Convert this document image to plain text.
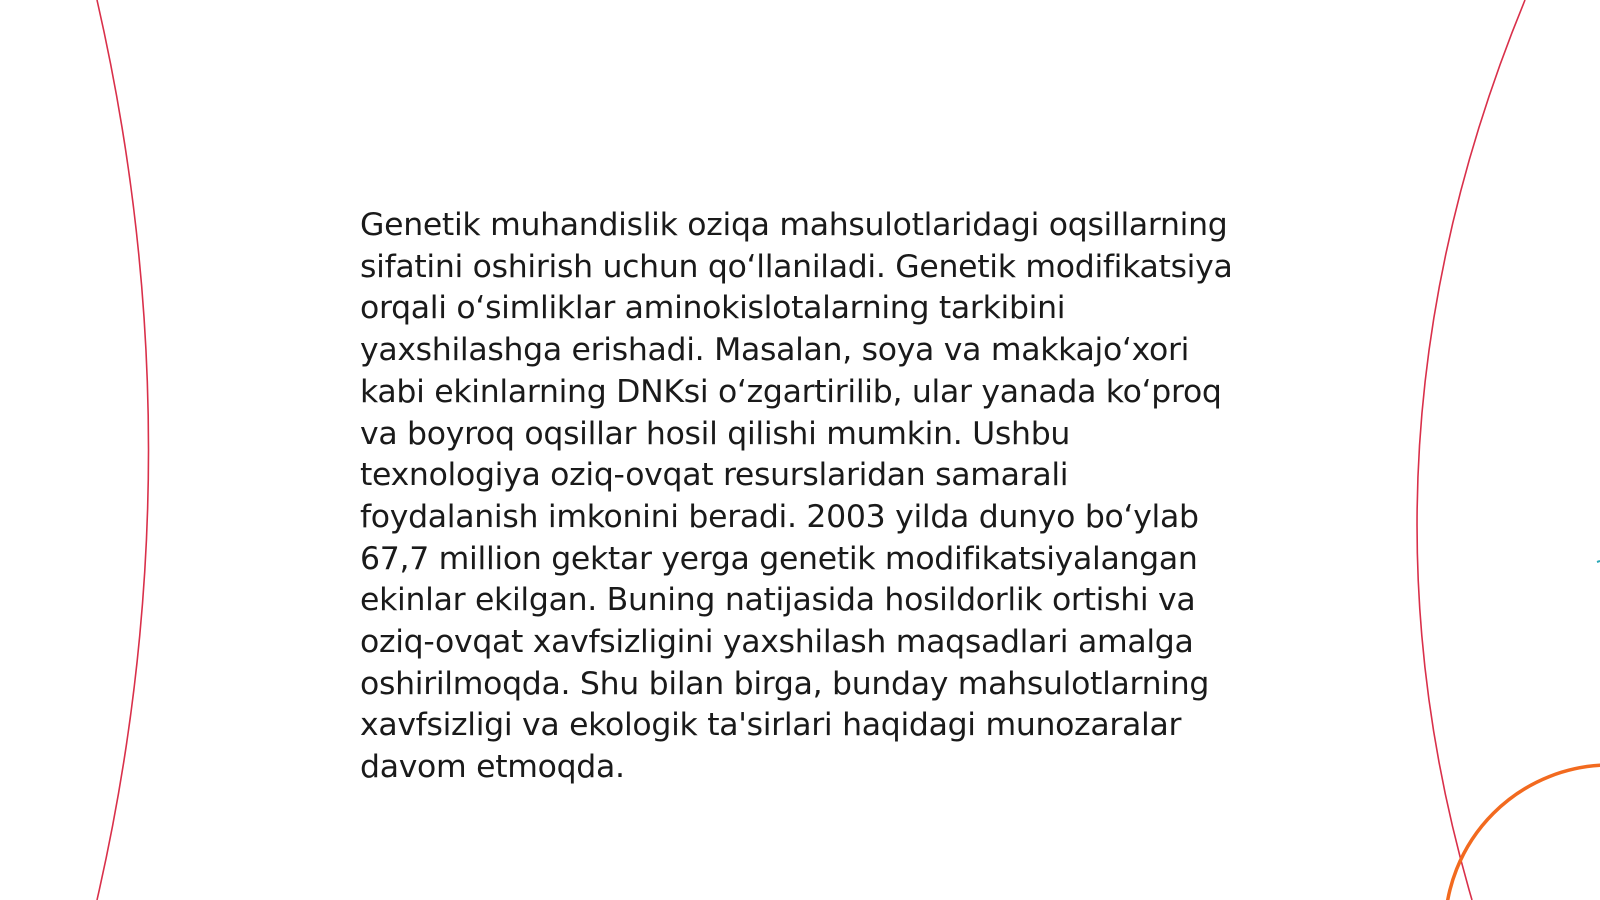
Genetik muhandislik oziqa mahsulotlaridagi oqsillarning sifatini oshirish uchun qo‘llaniladi. Genetik modifikatsiya orqali o‘simliklar aminokislotalarning tarkibini yaxshilashga erishadi. Masalan, soya va makkajo‘xori kabi ekinlarning DNKsi o‘zgartirilib, ular yanada ko‘proq va boyroq oqsillar hosil qilishi mumkin. Ushbu texnologiya oziq-ovqat resurslaridan samarali foydalanish imkonini beradi. 2003 yilda dunyo bo‘ylab 67,7 million gektar yerga genetik modifikatsiyalangan ekinlar ekilgan. Buning natijasida hosildorlik ortishi va oziq-ovqat xavfsizligini yaxshilash maqsadlari amalga oshirilmoqda. Shu bilan birga, bunday mahsulotlarning xavfsizligi va ekologik ta'sirlari haqidagi munozaralar davom etmoqda.
